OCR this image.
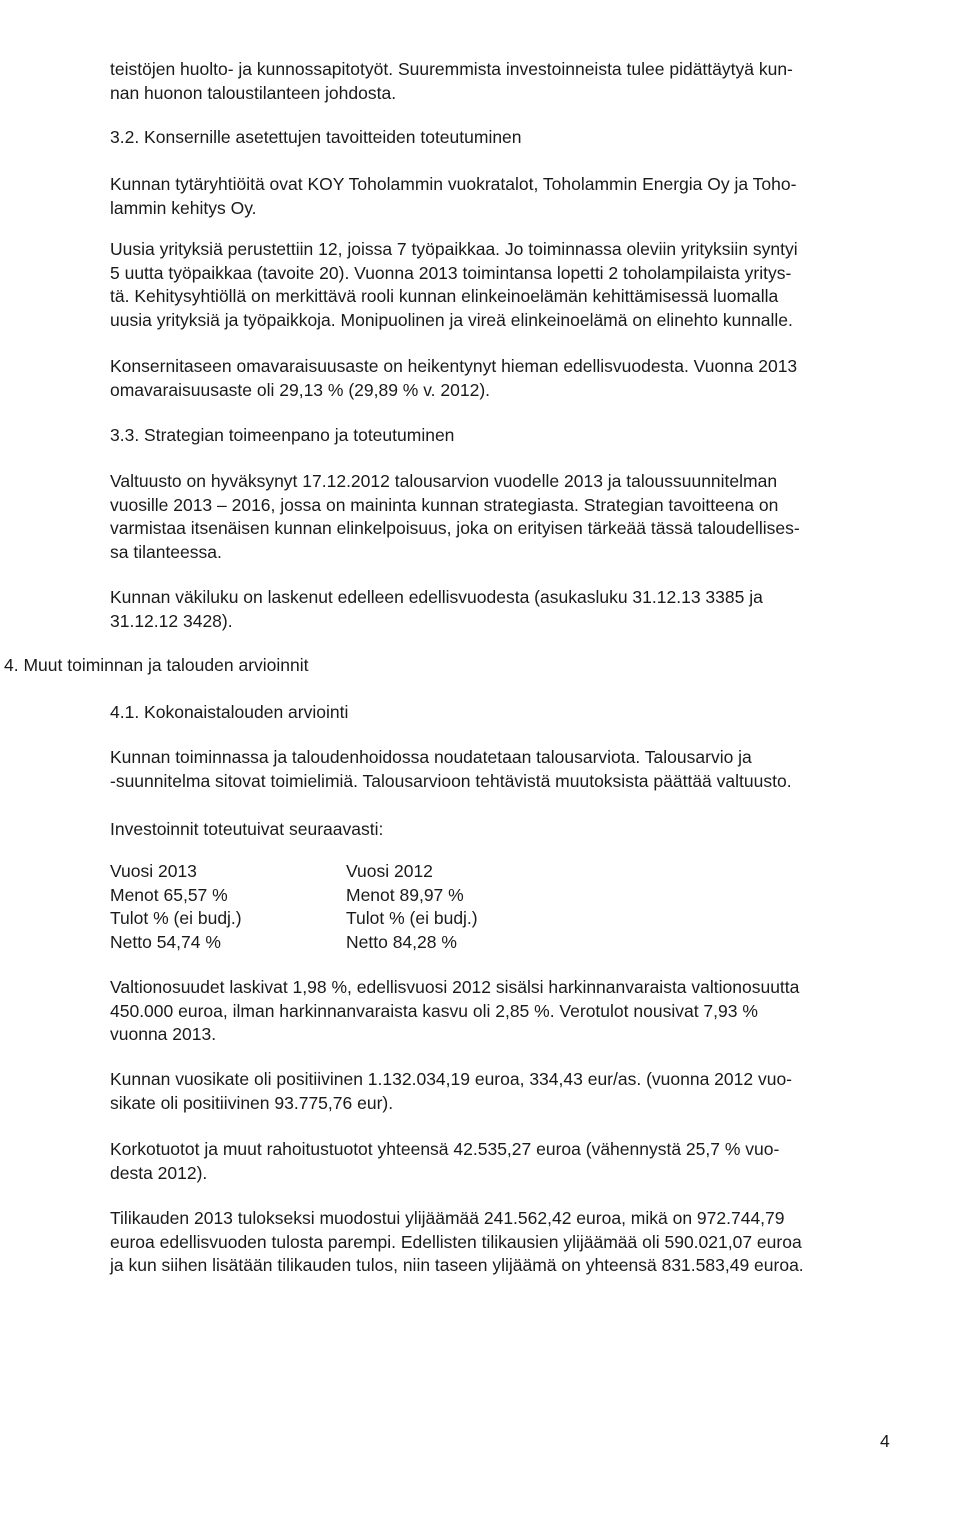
teistöjen huolto- ja kunnossapitotyöt. Suuremmista investoinneista tulee pidättäytyä kun-
nan huonon taloustilanteen johdosta.
3.2. Konsernille asetettujen tavoitteiden toteutuminen
Kunnan tytäryhtiöitä ovat KOY Toholammin vuokratalot, Toholammin Energia Oy ja Toho-
lammin kehitys Oy.
Uusia yrityksiä perustettiin 12, joissa 7 työpaikkaa. Jo toiminnassa oleviin yrityksiin syntyi
5 uutta työpaikkaa (tavoite 20). Vuonna 2013 toimintansa lopetti 2 toholampilaista yritys-
tä. Kehitysyhtiöllä on merkittävä rooli kunnan elinkeinoelämän kehittämisessä luomalla
uusia yrityksiä ja työpaikkoja. Monipuolinen ja vireä elinkeinoelämä on elinehto kunnalle.
Konsernitaseen omavaraisuusaste on heikentynyt hieman edellisvuodesta. Vuonna 2013
omavaraisuusaste oli 29,13 % (29,89 % v. 2012).
3.3. Strategian toimeenpano ja toteutuminen
Valtuusto on hyväksynyt 17.12.2012 talousarvion vuodelle 2013 ja taloussuunnitelman
vuosille 2013 – 2016, jossa on maininta kunnan strategiasta. Strategian tavoitteena on
varmistaa itsenäisen kunnan elinkelpoisuus, joka on erityisen tärkeää tässä taloudellises-
sa tilanteessa.
Kunnan väkiluku on laskenut edelleen edellisvuodesta (asukasluku 31.12.13 3385 ja
31.12.12 3428).
4. Muut toiminnan ja talouden arvioinnit
4.1. Kokonaistalouden arviointi
Kunnan toiminnassa ja taloudenhoidossa noudatetaan talousarviota. Talousarvio ja
-suunnitelma sitovat toimielimiä. Talousarvioon tehtävistä muutoksista päättää valtuusto.
Investoinnit toteutuivat seuraavasti:
Vuosi 2013
Menot 65,57 %
Tulot % (ei budj.)
Netto 54,74 %
Vuosi 2012
Menot 89,97 %
Tulot % (ei budj.)
Netto 84,28 %
Valtionosuudet laskivat 1,98 %, edellisvuosi 2012 sisälsi harkinnanvaraista valtionosuutta
450.000 euroa, ilman harkinnanvaraista kasvu oli 2,85 %. Verotulot nousivat 7,93 %
vuonna 2013.
Kunnan vuosikate oli positiivinen 1.132.034,19 euroa, 334,43 eur/as. (vuonna 2012 vuo-
sikate oli positiivinen 93.775,76 eur).
Korkotuotot ja muut rahoitustuotot yhteensä 42.535,27 euroa (vähennystä 25,7 % vuo-
desta 2012).
Tilikauden 2013 tulokseksi muodostui ylijäämää 241.562,42 euroa, mikä on 972.744,79
euroa edellisvuoden tulosta parempi. Edellisten tilikausien ylijäämää oli 590.021,07 euroa
ja kun siihen lisätään tilikauden tulos, niin taseen ylijäämä on yhteensä 831.583,49 euroa.
4
